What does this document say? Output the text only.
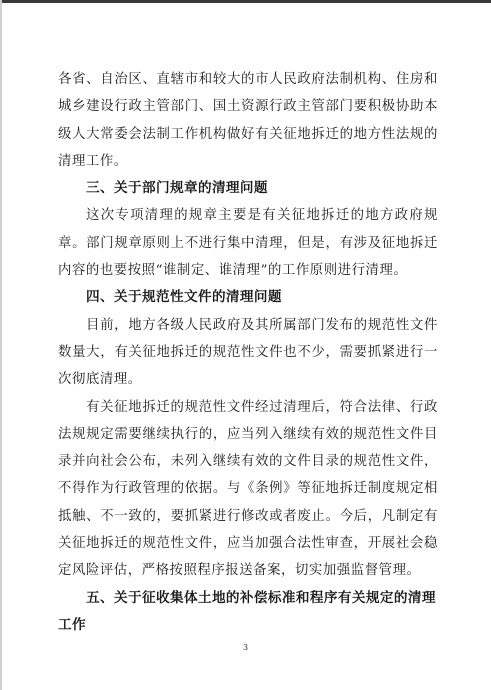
各省、自治区、直辖市和较大的市人民政府法制机构、住房和城乡建设行政主管部门、国土资源行政主管部门要积极协助本级人大常委会法制工作机构做好有关征地拆迁的地方性法规的清理工作。

三、关于部门规章的清理问题

这次专项清理的规章主要是有关征地拆迁的地方政府规章。部门规章原则上不进行集中清理，但是，有涉及征地拆迁内容的也要按照“谁制定、谁清理”的工作原则进行清理。

四、关于规范性文件的清理问题

目前，地方各级人民政府及其所属部门发布的规范性文件数量大，有关征地拆迁的规范性文件也不少，需要抓紧进行一次彻底清理。

有关征地拆迁的规范性文件经过清理后，符合法律、行政法规规定需要继续执行的，应当列入继续有效的规范性文件目录并向社会公布，未列入继续有效的文件目录的规范性文件，不得作为行政管理的依据。与《条例》等征地拆迁制度规定相抵触、不一致的，要抓紧进行修改或者废止。今后，凡制定有关征地拆迁的规范性文件，应当加强合法性审查，开展社会稳定风险评估，严格按照程序报送备案，切实加强监督管理。

五、关于征收集体土地的补偿标准和程序有关规定的清理工作

3
